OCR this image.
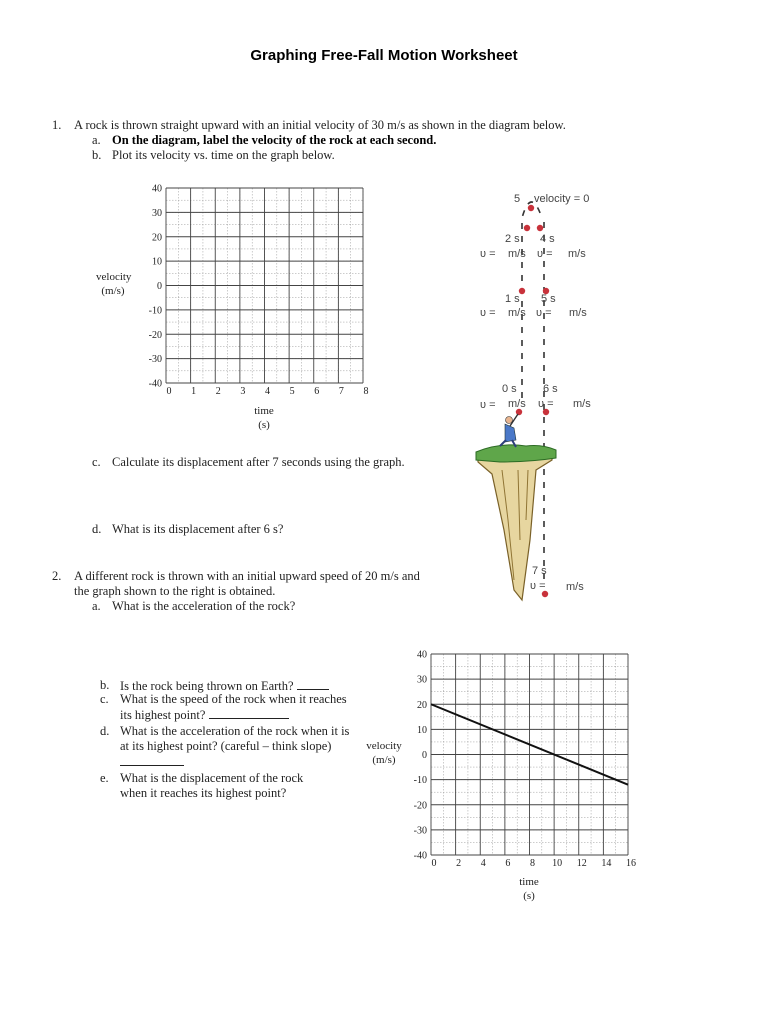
Graphing Free-Fall Motion Worksheet
1. A rock is thrown straight upward with an initial velocity of 30 m/s as shown in the diagram below.
a. On the diagram, label the velocity of the rock at each second.
b. Plot its velocity vs. time on the graph below.
40
30
20
10
0
-10
-20
-30
-40
0 1 2 3 4 5 6 7 8
40
30
20
10
0
-10
-20
-30
-40
0 2 4 6 8 10 12 14 16
velocity
(m/s)
time
(s)
5 velocity = 0
2 s 4 s
υ = m/s υ = m/s
1 s 5 s
υ = m/s υ = m/s
0 s 6 s
υ = m/s υ = m/s
7 s
υ = m/s
c. Calculate its displacement after 7 seconds using the graph.
d. What is its displacement after 6 s?
2. A different rock is thrown with an initial upward speed of 20 m/s and
the graph shown to the right is obtained.
a. What is the acceleration of the rock?
b. Is the rock being thrown on Earth?
c. What is the speed of the rock when it reaches its highest point?
d. What is the acceleration of the rock when it is at its highest point? (careful – think slope)
e. What is the displacement of the rock when it reaches its highest point?
velocity
(m/s)
time
(s)
